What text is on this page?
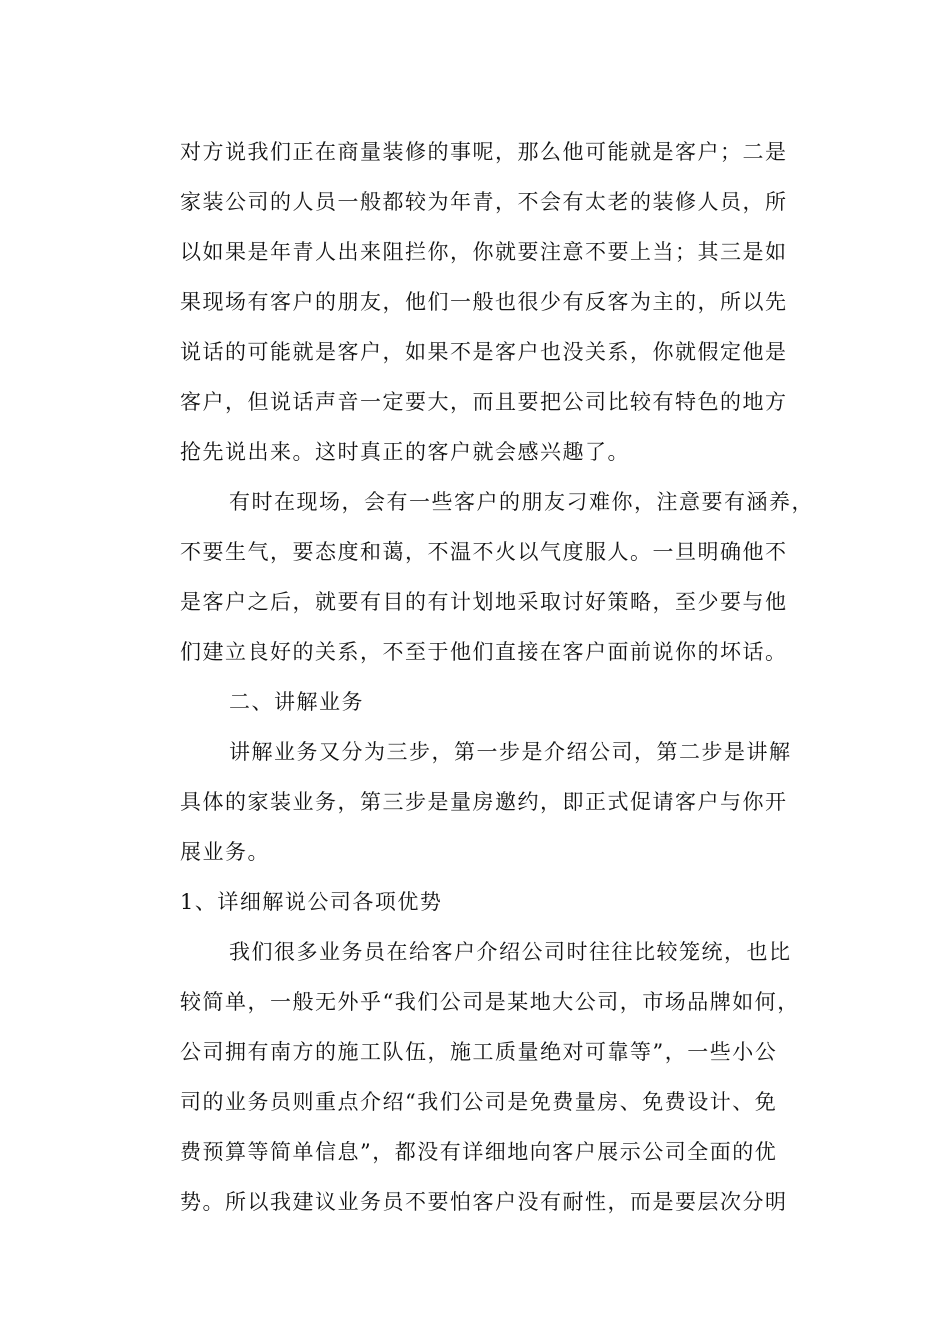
对方说我们正在商量装修的事呢，那么他可能就是客户；二是
家装公司的人员一般都较为年青，不会有太老的装修人员，所
以如果是年青人出来阻拦你，你就要注意不要上当；其三是如
果现场有客户的朋友，他们一般也很少有反客为主的，所以先
说话的可能就是客户，如果不是客户也没关系，你就假定他是
客户，但说话声音一定要大，而且要把公司比较有特色的地方
抢先说出来。这时真正的客户就会感兴趣了。
有时在现场，会有一些客户的朋友刁难你，注意要有涵养，
不要生气，要态度和蔼，不温不火以气度服人。一旦明确他不
是客户之后，就要有目的有计划地采取讨好策略，至少要与他
们建立良好的关系，不至于他们直接在客户面前说你的坏话。
二、讲解业务
讲解业务又分为三步，第一步是介绍公司，第二步是讲解
具体的家装业务，第三步是量房邀约，即正式促请客户与你开
展业务。
1、详细解说公司各项优势
我们很多业务员在给客户介绍公司时往往比较笼统，也比
较简单，一般无外乎“我们公司是某地大公司，市场品牌如何，
公司拥有南方的施工队伍，施工质量绝对可靠等”，一些小公
司的业务员则重点介绍“我们公司是免费量房、免费设计、免
费预算等简单信息”，都没有详细地向客户展示公司全面的优
势。所以我建议业务员不要怕客户没有耐性，而是要层次分明
